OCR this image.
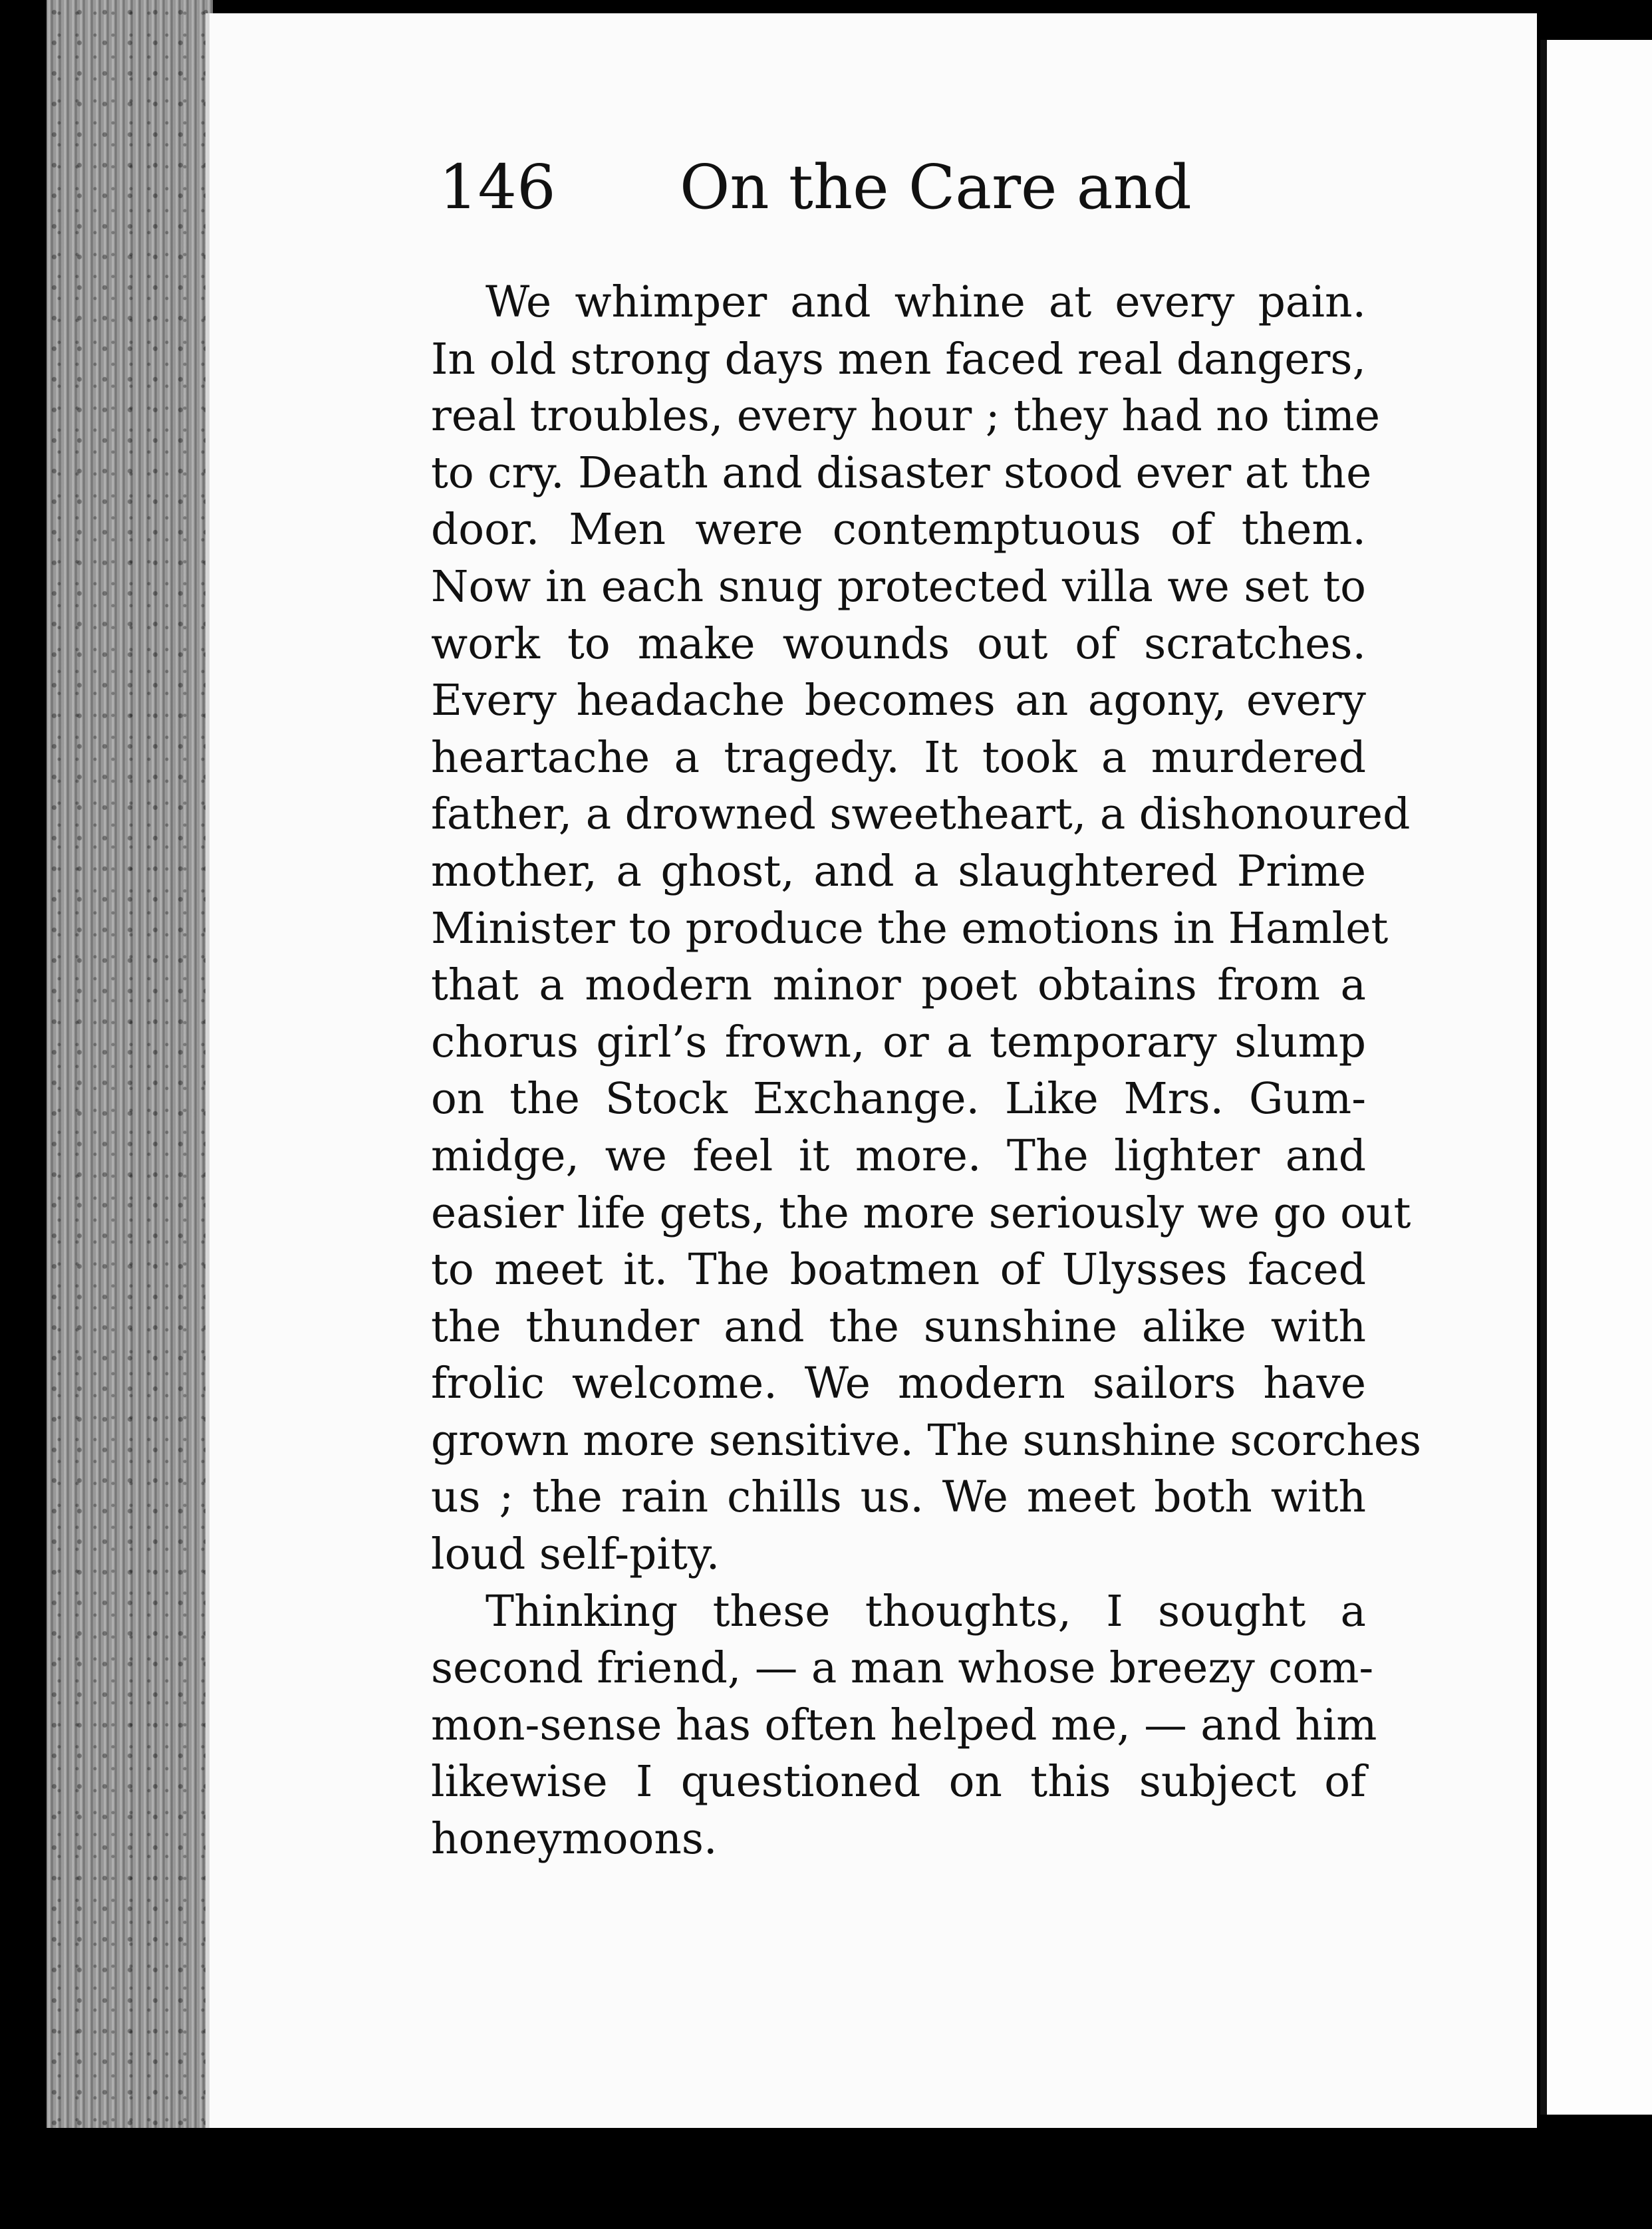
146 On the Care and
We whimper and whine at every pain.
In old strong days men faced real dangers,
real troubles, every hour ; they had no time
to cry. Death and disaster stood ever at the
door. Men were contemptuous of them.
Now in each snug protected villa we set to
work to make wounds out of scratches.
Every headache becomes an agony, every
heartache a tragedy. It took a murdered
father, a drowned sweetheart, a dishonoured
mother, a ghost, and a slaughtered Prime
Minister to produce the emotions in Hamlet
that a modern minor poet obtains from a
chorus girl’s frown, or a temporary slump
on the Stock Exchange. Like Mrs. Gum-
midge, we feel it more. The lighter and
easier life gets, the more seriously we go out
to meet it. The boatmen of Ulysses faced
the thunder and the sunshine alike with
frolic welcome. We modern sailors have
grown more sensitive. The sunshine scorches
us ; the rain chills us. We meet both with
loud self-pity.
Thinking these thoughts, I sought a
second friend, — a man whose breezy com-
mon-sense has often helped me, — and him
likewise I questioned on this subject of
honeymoons.
